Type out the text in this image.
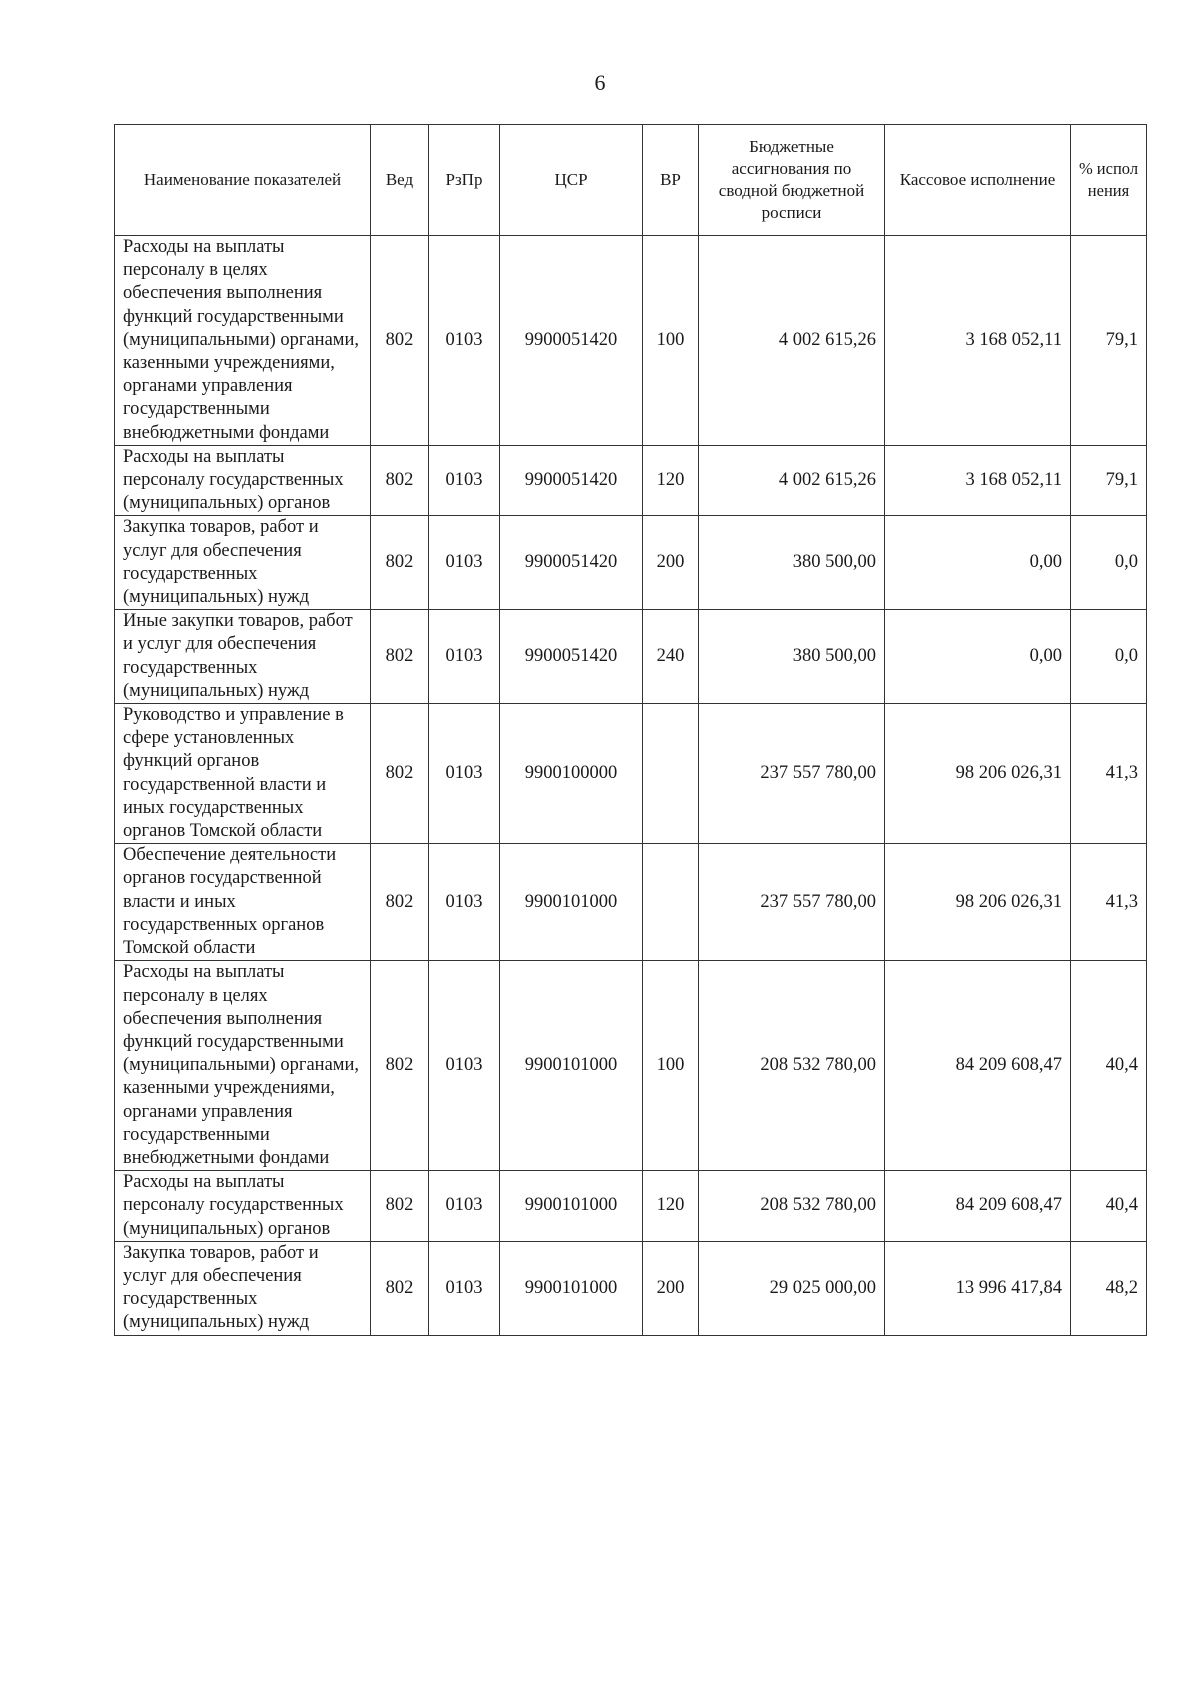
6
Наименование показателей	Вед	РзПр	ЦСР	ВР	Бюджетные ассигнования по сводной бюджетной росписи	Кассовое исполнение	% испол нения
Расходы на выплаты персоналу в целях обеспечения выполнения функций государственными (муниципальными) органами, казенными учреждениями, органами управления государственными внебюджетными фондами	802	0103	9900051420	100	4 002 615,26	3 168 052,11	79,1
Расходы на выплаты персоналу государственных (муниципальных) органов	802	0103	9900051420	120	4 002 615,26	3 168 052,11	79,1
Закупка товаров, работ и услуг для обеспечения государственных (муниципальных) нужд	802	0103	9900051420	200	380 500,00	0,00	0,0
Иные закупки товаров, работ и услуг для обеспечения государственных (муниципальных) нужд	802	0103	9900051420	240	380 500,00	0,00	0,0
Руководство и управление в сфере установленных функций органов государственной власти и иных государственных органов Томской области	802	0103	9900100000		237 557 780,00	98 206 026,31	41,3
Обеспечение деятельности органов государственной власти и иных государственных органов Томской области	802	0103	9900101000		237 557 780,00	98 206 026,31	41,3
Расходы на выплаты персоналу в целях обеспечения выполнения функций государственными (муниципальными) органами, казенными учреждениями, органами управления государственными внебюджетными фондами	802	0103	9900101000	100	208 532 780,00	84 209 608,47	40,4
Расходы на выплаты персоналу государственных (муниципальных) органов	802	0103	9900101000	120	208 532 780,00	84 209 608,47	40,4
Закупка товаров, работ и услуг для обеспечения государственных (муниципальных) нужд	802	0103	9900101000	200	29 025 000,00	13 996 417,84	48,2
